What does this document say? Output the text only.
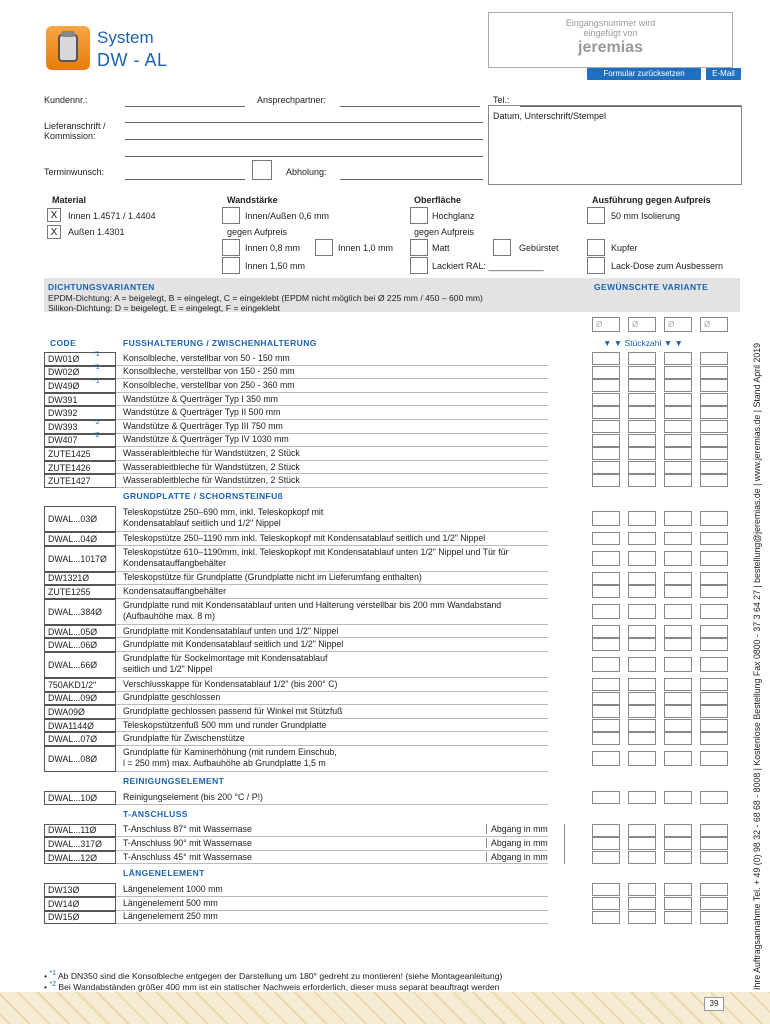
System
DW - AL
Eingangsnummer wird
eingefügt von
jeremias
Formular zurücksetzen	E-Mail
Kundennr.:	Ansprechpartner:	Tel.:
Lieferanschrift /
Kommission:
Datum, Unterschrift/Stempel
Terminwunsch:	Abholung:
Material
X	Innen 1.4571 / 1.4404
X	Außen 1.4301
Wandstärke
Innen/Außen 0,6 mm
gegen Aufpreis
Innen 0,8 mm	Innen 1,0 mm
Innen 1,50 mm
Oberfläche
Hochglanz
gegen Aufpreis
Matt	Gebürstet
Lackiert RAL: ___________
Ausführung gegen Aufpreis
50 mm Isolierung
Kupfer
Lack-Dose zum Ausbessern
DICHTUNGSVARIANTEN
EPDM-Dichtung: A = beigelegt, B = eingelegt, C = eingeklebt (EPDM nicht möglich bei Ø 225 mm / 450 – 600 mm)
Silikon-Dichtung: D = beigelegt, E = eingelegt, F = eingeklebt
GEWÜNSCHTE VARIANTE
Ø	Ø	Ø	Ø
CODE	FUSSHALTERUNG / ZWISCHENHALTERUNG	▼ ▼ Stückzahl ▼ ▼
DW01Ø *1	Konsolbleche, verstellbar von 50 - 150 mm
DW02Ø *1	Konsolbleche, verstellbar von 150 - 250 mm
DW49Ø *1	Konsolbleche, verstellbar von 250 - 360 mm
DW391	Wandstütze & Querträger Typ I 350 mm
DW392	Wandstütze & Querträger Typ II 500 mm
DW393 *2	Wandstütze & Querträger Typ III 750 mm
DW407 *2	Wandstütze & Querträger Typ IV 1030 mm
ZUTE1425	Wasserableitbleche für Wandstützen, 2 Stück
ZUTE1426	Wasserableitbleche für Wandstützen, 2 Stück
ZUTE1427	Wasserableitbleche für Wandstützen, 2 Stück
GRUNDPLATTE / SCHORNSTEINFUß
DWAL...03Ø
Teleskopstütze 250–690 mm, inkl. Teleskopkopf mit
Kondensatablauf seitlich und 1/2" Nippel
DWAL...04Ø	Teleskopstütze 250–1190 mm inkl. Teleskopkopf mit Kondensatablauf seitlich und 1/2" Nippel
DWAL...1017Ø
Teleskopstütze 610–1190mm, inkl. Teleskopkopf mit Kondensatablauf unten 1/2" Nippel und Tür für
Kondensatauffangbehälter
DW1321Ø	Teleskopstütze für Grundplatte (Grundplatte nicht im Lieferumfang enthalten)
ZUTE1255	Kondensatauffangbehälter
DWAL...384Ø
Grundplatte rund mit Kondensatablauf unten und Halterung verstellbar bis 200 mm Wandabstand
(Aufbauhöhe max. 8 m)
DWAL...05Ø	Grundplatte mit Kondensatablauf unten und 1/2" Nippel
DWAL...06Ø	Grundplatte mit Kondensatablauf seitlich und 1/2" Nippel
DWAL...66Ø
Grundplatte für Sockelmontage mit Kondensatablauf
seitlich und 1/2" Nippel
750AKD1/2"	Verschlusskappe für Kondensatablauf 1/2" (bis 200° C)
DWAL...09Ø	Grundplatte geschlossen
DWA09Ø	Grundplatte gechlossen passend für Winkel mit Stützfuß
DWA1144Ø	Teleskopstützenfuß 500 mm und runder Grundplatte
DWAL...07Ø	Grundplatte für Zwischenstütze
DWAL...08Ø
Grundplatte für Kaminerhöhung (mit rundem Einschub,
l = 250 mm) max. Aufbauhöhe ab Grundplatte 1,5 m
REINIGUNGSELEMENT
DWAL...10Ø	Reinigungselement (bis 200 °C / P!)
T-ANSCHLUSS
DWAL...11Ø	T-Anschluss 87° mit Wassernase	Abgang in mm
DWAL...317Ø T-Anschluss 90° mit Wassernase	Abgang in mm
DWAL...12Ø	T-Anschluss 45° mit Wassernase	Abgang in mm
LÄNGENELEMENT
DW13Ø	Längenelement 1000 mm
DW14Ø	Längenelement 500 mm
DW15Ø	Längenelement 250 mm
• $^{*1}$ Ab DN350 sind die Konsolbleche entgegen der Darstellung um 180° gedreht zu montieren! (siehe Montageanleitung)
• $^{*2}$ Bei Wandabständen größer 400 mm ist ein statischer Nachweis erforderlich, dieser muss separat beauftragt werden
39
Ihre Auftragsannahme Tel. + 49 (0) 98 32 - 68 68 - 8008 | Kostenlose Bestellung Fax 0800 - 37 3 64 27 | bestellung@jeremias.de | www.jeremias.de | Stand April 2019
